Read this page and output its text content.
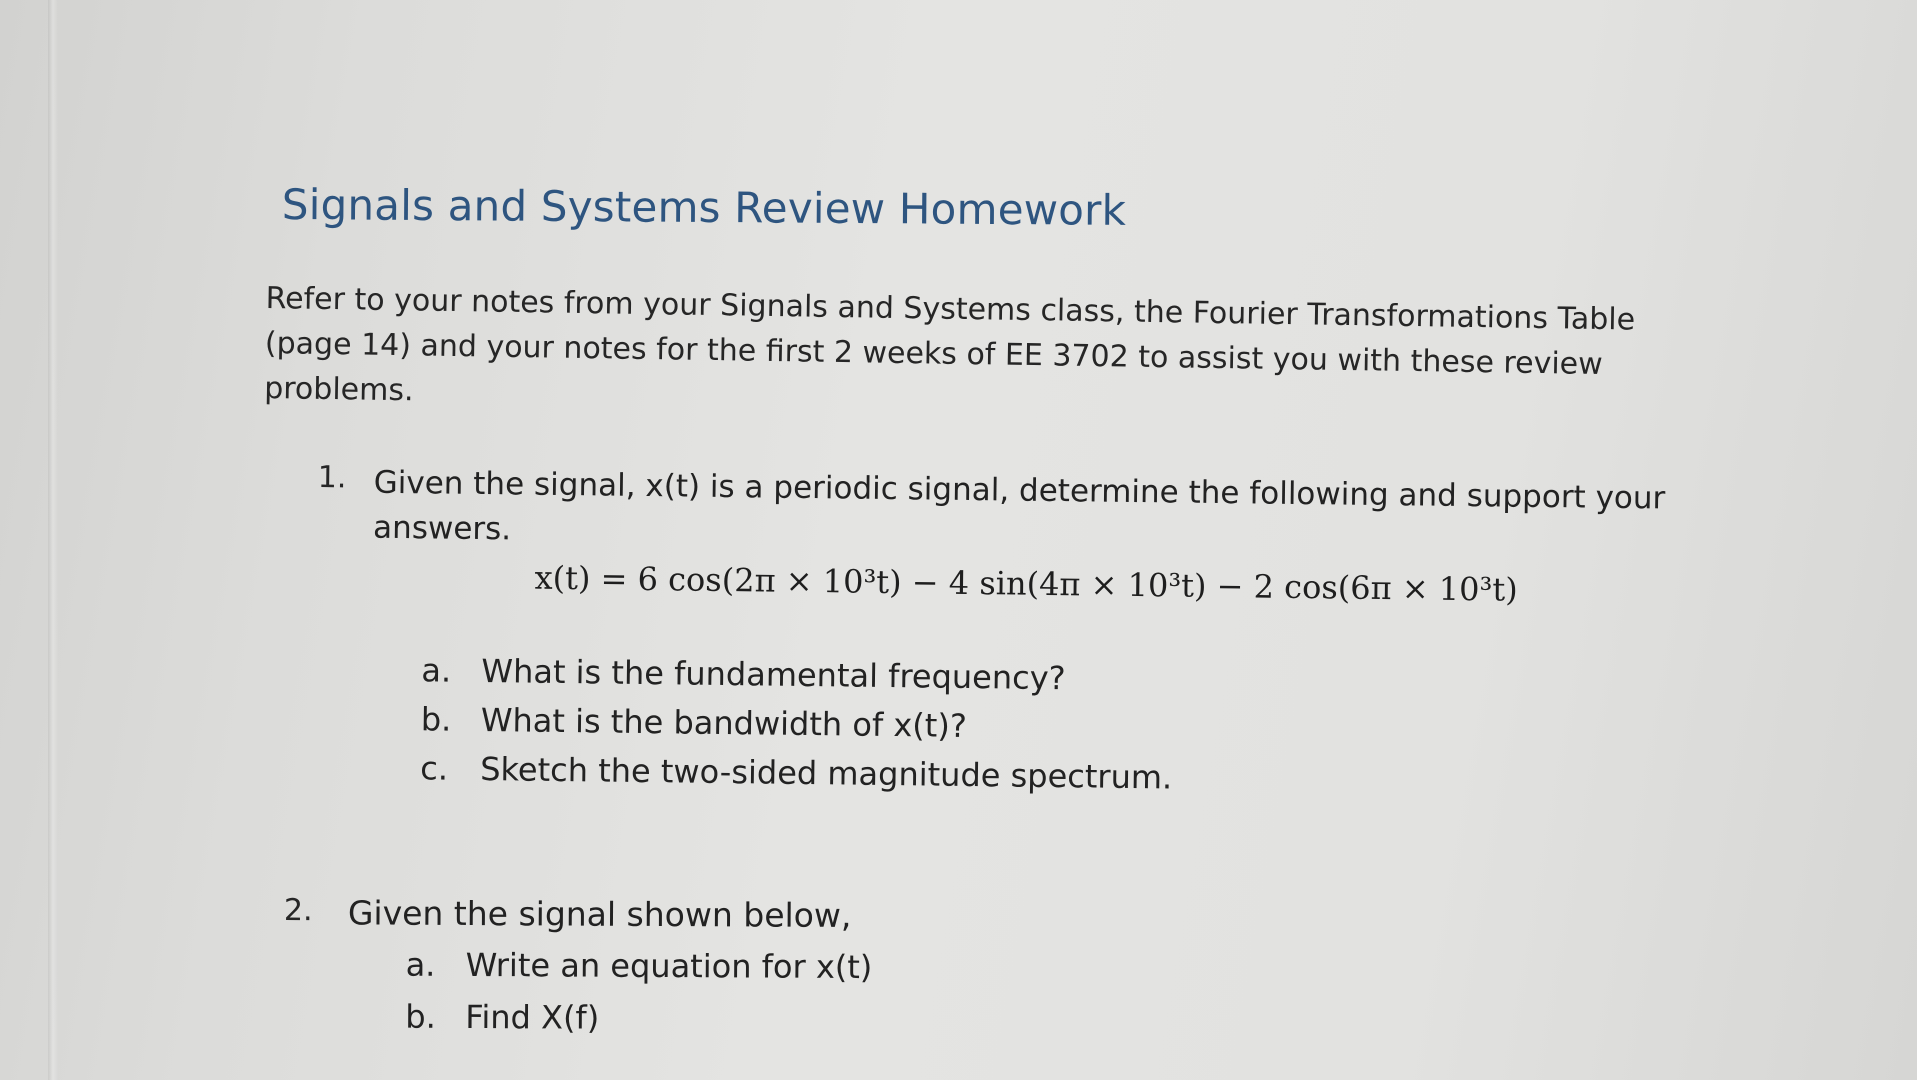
Signals and Systems Review Homework
Refer to your notes from your Signals and Systems class, the Fourier Transformations Table (page 14) and your notes for the first 2 weeks of EE 3702 to assist you with these review problems.
1. Given the signal, x(t) is a periodic signal, determine the following and support your answers.
x(t) = 6 cos(2π × 10³t) − 4 sin(4π × 10³t) − 2 cos(6π × 10³t)
a. What is the fundamental frequency?
b. What is the bandwidth of x(t)?
c. Sketch the two-sided magnitude spectrum.
2. Given the signal shown below,
a. Write an equation for x(t)
b. Find X(f)
